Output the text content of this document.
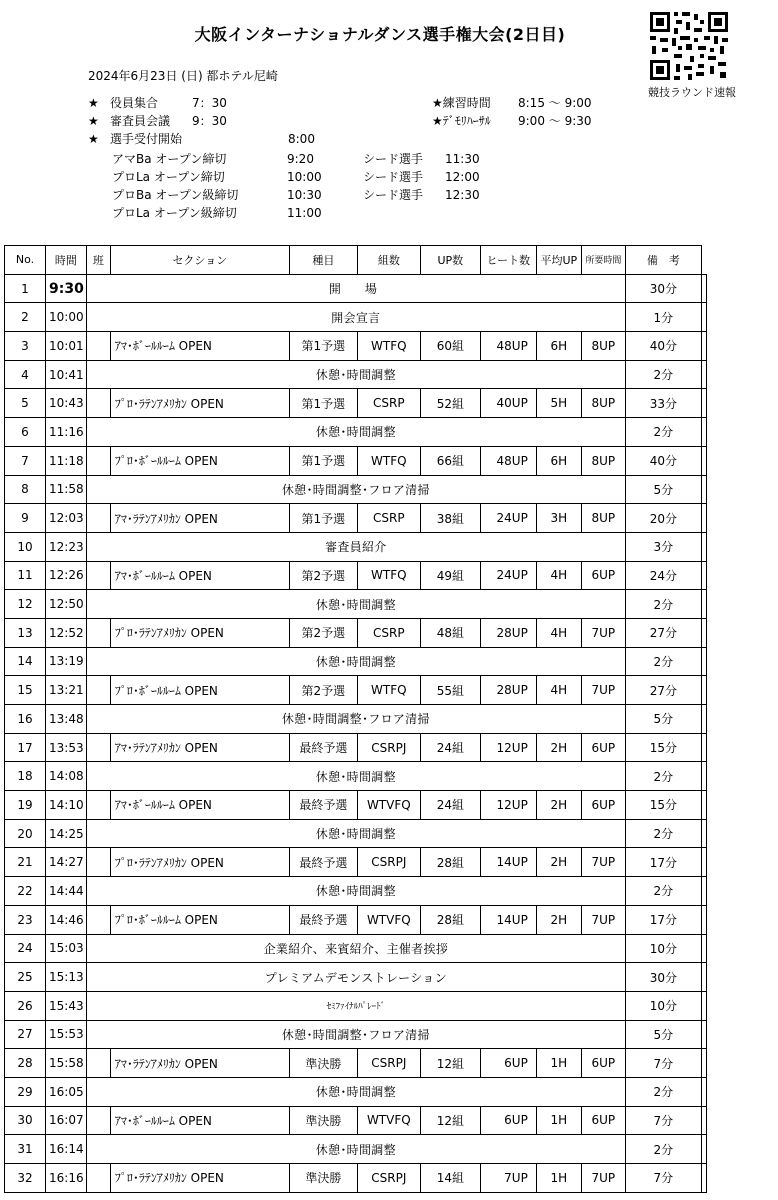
大阪インターナショナルダンス選手権大会(2日目)
競技ラウンド速報
2024年6月23日 (日) 都ホテル尼崎
★ 役員集合	7：30
★ 審査員会議 9：30
★ 選手受付開始	8:00
★練習時間 8:15 〜 9:00
★ﾃﾞﾓﾘﾊｰｻﾙ 9:00 〜 9:30
アマBa オープン締切	9:20	シード選手 11:30
プロLa オープン締切	10:00	シード選手 12:00
プロBa オープン級締切	10:30	シード選手 12:30
プロLa オープン級締切	11:00
No.	時間	班	セクション	種目	組数	UP数	ヒート数	平均UP	所要時間	備　考	
1	9:30	開　場								30分	
2	10:00	開会宣言								1分	
3	10:01		ｱﾏ･ﾎﾞｰﾙﾙｰﾑ OPEN	第1予選	WTFQ	60組	48UP	6H	8UP	40分	
4	10:41	休憩･時間調整								2分	
5	10:43		ﾌﾟﾛ･ﾗﾃﾝｱﾒﾘｶﾝ OPEN	第1予選	CSRP	52組	40UP	5H	8UP	33分	
6	11:16	休憩･時間調整								2分	
7	11:18		ﾌﾟﾛ･ﾎﾞｰﾙﾙｰﾑ OPEN	第1予選	WTFQ	66組	48UP	6H	8UP	40分	
8	11:58	休憩･時間調整･フロア清掃								5分	
9	12:03		ｱﾏ･ﾗﾃﾝｱﾒﾘｶﾝ OPEN	第1予選	CSRP	38組	24UP	3H	8UP	20分	
10	12:23	審査員紹介								3分	
11	12:26		ｱﾏ･ﾎﾞｰﾙﾙｰﾑ OPEN	第2予選	WTFQ	49組	24UP	4H	6UP	24分	
12	12:50	休憩･時間調整								2分	
13	12:52		ﾌﾟﾛ･ﾗﾃﾝｱﾒﾘｶﾝ OPEN	第2予選	CSRP	48組	28UP	4H	7UP	27分	
14	13:19	休憩･時間調整								2分	
15	13:21		ﾌﾟﾛ･ﾎﾞｰﾙﾙｰﾑ OPEN	第2予選	WTFQ	55組	28UP	4H	7UP	27分	
16	13:48	休憩･時間調整･フロア清掃								5分	
17	13:53		ｱﾏ･ﾗﾃﾝｱﾒﾘｶﾝ OPEN	最終予選	CSRPJ	24組	12UP	2H	6UP	15分	
18	14:08	休憩･時間調整								2分	
19	14:10		ｱﾏ･ﾎﾞｰﾙﾙｰﾑ OPEN	最終予選	WTVFQ	24組	12UP	2H	6UP	15分	
20	14:25	休憩･時間調整								2分	
21	14:27		ﾌﾟﾛ･ﾗﾃﾝｱﾒﾘｶﾝ OPEN	最終予選	CSRPJ	28組	14UP	2H	7UP	17分	
22	14:44	休憩･時間調整								2分	
23	14:46		ﾌﾟﾛ･ﾎﾞｰﾙﾙｰﾑ OPEN	最終予選	WTVFQ	28組	14UP	2H	7UP	17分	
24	15:03	企業紹介、来賓紹介、主催者挨拶								10分	
25	15:13	プレミアムデモンストレーション								30分	
26	15:43	ｾﾐﾌｧｲﾅﾙﾊﾟﾚｰﾄﾞ								10分	
27	15:53	休憩･時間調整･フロア清掃								5分	
28	15:58		ｱﾏ･ﾗﾃﾝｱﾒﾘｶﾝ OPEN	準決勝	CSRPJ	12組	6UP	1H	6UP	7分	
29	16:05	休憩･時間調整								2分	
30	16:07		ｱﾏ･ﾎﾞｰﾙﾙｰﾑ OPEN	準決勝	WTVFQ	12組	6UP	1H	6UP	7分	
31	16:14	休憩･時間調整								2分	
32	16:16		ﾌﾟﾛ･ﾗﾃﾝｱﾒﾘｶﾝ OPEN	準決勝	CSRPJ	14組	7UP	1H	7UP	7分	
